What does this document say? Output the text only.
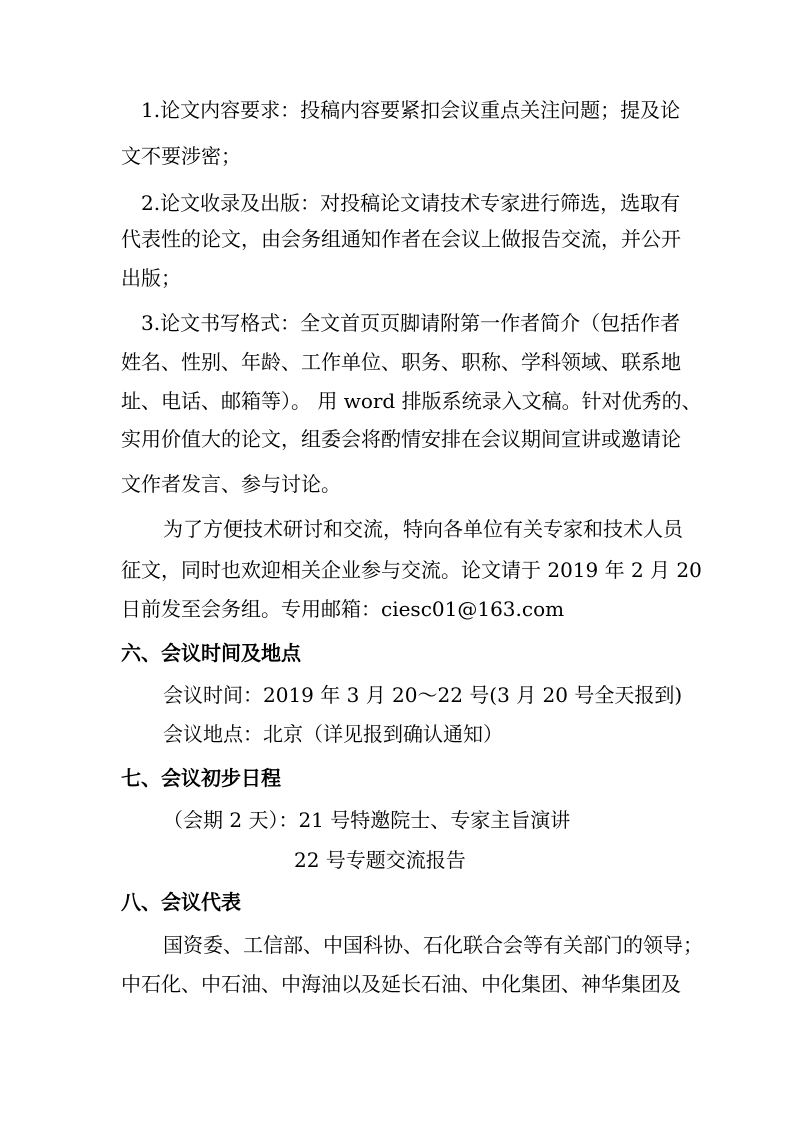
1.论文内容要求：投稿内容要紧扣会议重点关注问题；提及论
文不要涉密；
2.论文收录及出版：对投稿论文请技术专家进行筛选，选取有
代表性的论文，由会务组通知作者在会议上做报告交流，并公开
出版；
3.论文书写格式：全文首页页脚请附第一作者简介（包括作者
姓名、性别、年龄、工作单位、职务、职称、学科领域、联系地
址、电话、邮箱等）。 用 word 排版系统录入文稿。针对优秀的、
实用价值大的论文，组委会将酌情安排在会议期间宣讲或邀请论
文作者发言、参与讨论。
为了方便技术研讨和交流，特向各单位有关专家和技术人员
征文，同时也欢迎相关企业参与交流。论文请于 2019 年 2 月 20
日前发至会务组。专用邮箱：ciesc01@163.com
六、会议时间及地点
会议时间：2019 年 3 月 20～22 号(3 月 20 号全天报到)
会议地点：北京（详见报到确认通知）
七、会议初步日程
（会期 2 天）：21 号特邀院士、专家主旨演讲
22 号专题交流报告
八、会议代表
国资委、工信部、中国科协、石化联合会等有关部门的领导；
中石化、中石油、中海油以及延长石油、中化集团、神华集团及
